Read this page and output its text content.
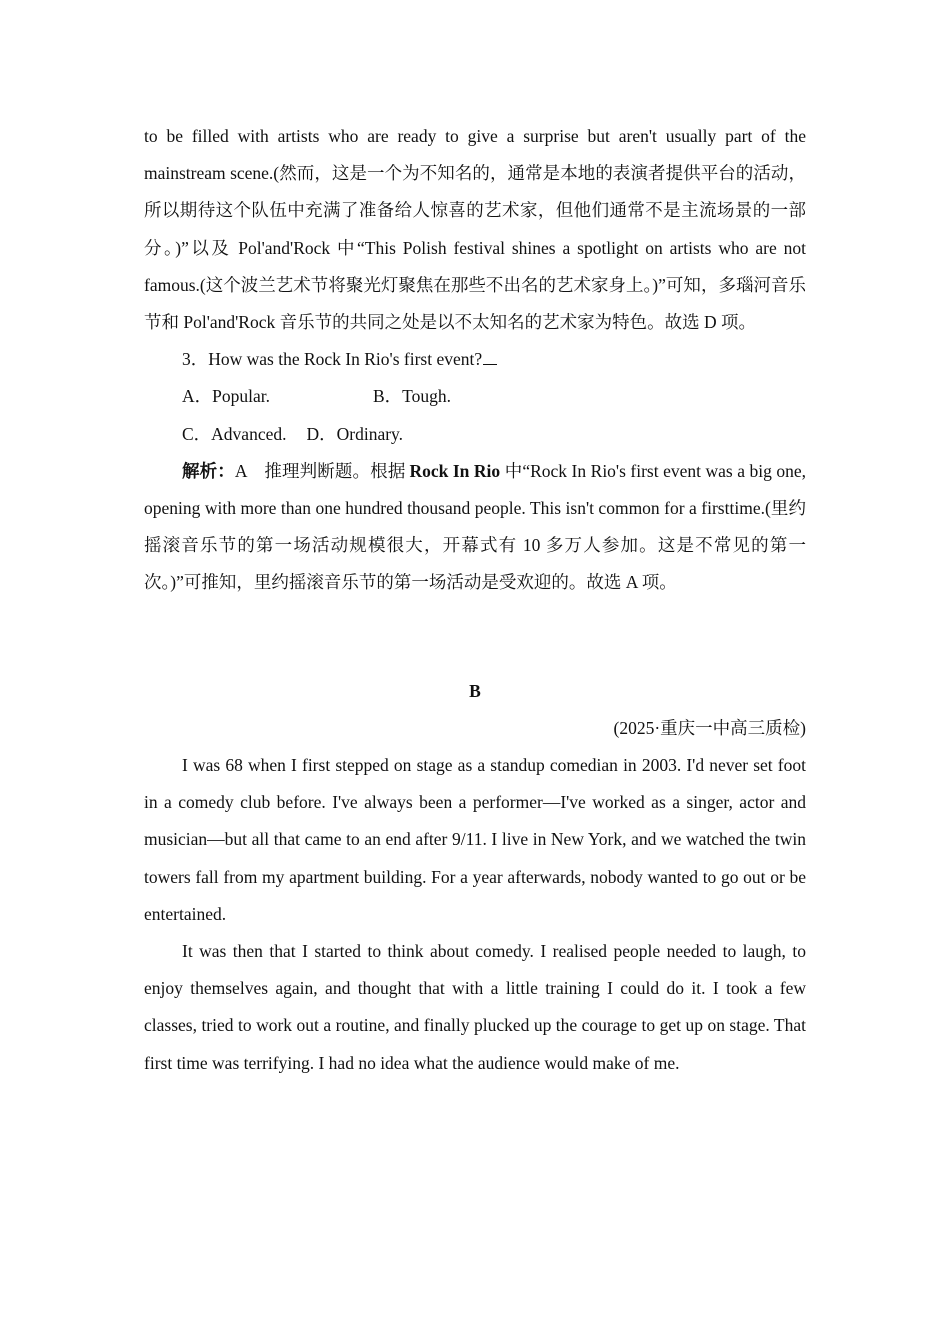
to be filled with artists who are ready to give a surprise but aren't usually part of the mainstream scene.(然而，这是一个为不知名的，通常是本地的表演者提供平台的活动，所以期待这个队伍中充满了准备给人惊喜的艺术家，但他们通常不是主流场景的一部分。)”以及 Pol'and'Rock 中“This Polish festival shines a spotlight on artists who are not famous.(这个波兰艺术节将聚光灯聚焦在那些不出名的艺术家身上。)”可知，多瑙河音乐节和 Pol'and'Rock 音乐节的共同之处是以不太知名的艺术家为特色。故选 D 项。

3．How was the Rock In Rio's first event?

A．Popular.	B．Tough.

C．Advanced. D．Ordinary.

解析：A　推理判断题。根据 Rock In Rio 中“Rock In Rio's first event was a big one, opening with more than one hundred thousand people. This isn't common for a firsttime.(里约摇滚音乐节的第一场活动规模很大，开幕式有 10 多万人参加。这是不常见的第一次。)”可推知，里约摇滚音乐节的第一场活动是受欢迎的。故选 A 项。

B

(2025·重庆一中高三质检)

I was 68 when I first stepped on stage as a standup comedian in 2003. I'd never set foot in a comedy club before. I've always been a performer—I've worked as a singer, actor and musician—but all that came to an end after 9/11. I live in New York, and we watched the twin towers fall from my apartment building. For a year afterwards, nobody wanted to go out or be entertained.

It was then that I started to think about comedy. I realised people needed to laugh, to enjoy themselves again, and thought that with a little training I could do it. I took a few classes, tried to work out a routine, and finally plucked up the courage to get up on stage. That first time was terrifying. I had no idea what the audience would make of me.
